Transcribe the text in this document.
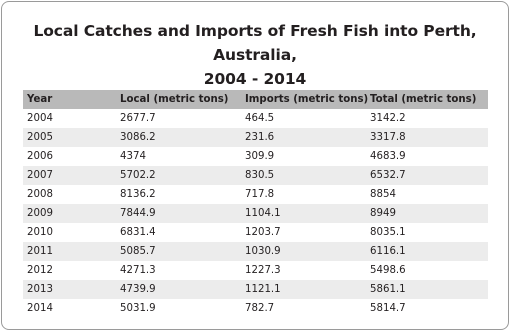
Local Catches and Imports of Fresh Fish into Perth, Australia,
2004 - 2014
Year	Local (metric tons)	Imports (metric tons)	Total (metric tons)
2004	2677.7	464.5	3142.2
2005	3086.2	231.6	3317.8
2006	4374	309.9	4683.9
2007	5702.2	830.5	6532.7
2008	8136.2	717.8	8854
2009	7844.9	1104.1	8949
2010	6831.4	1203.7	8035.1
2011	5085.7	1030.9	6116.1
2012	4271.3	1227.3	5498.6
2013	4739.9	1121.1	5861.1
2014	5031.9	782.7	5814.7
